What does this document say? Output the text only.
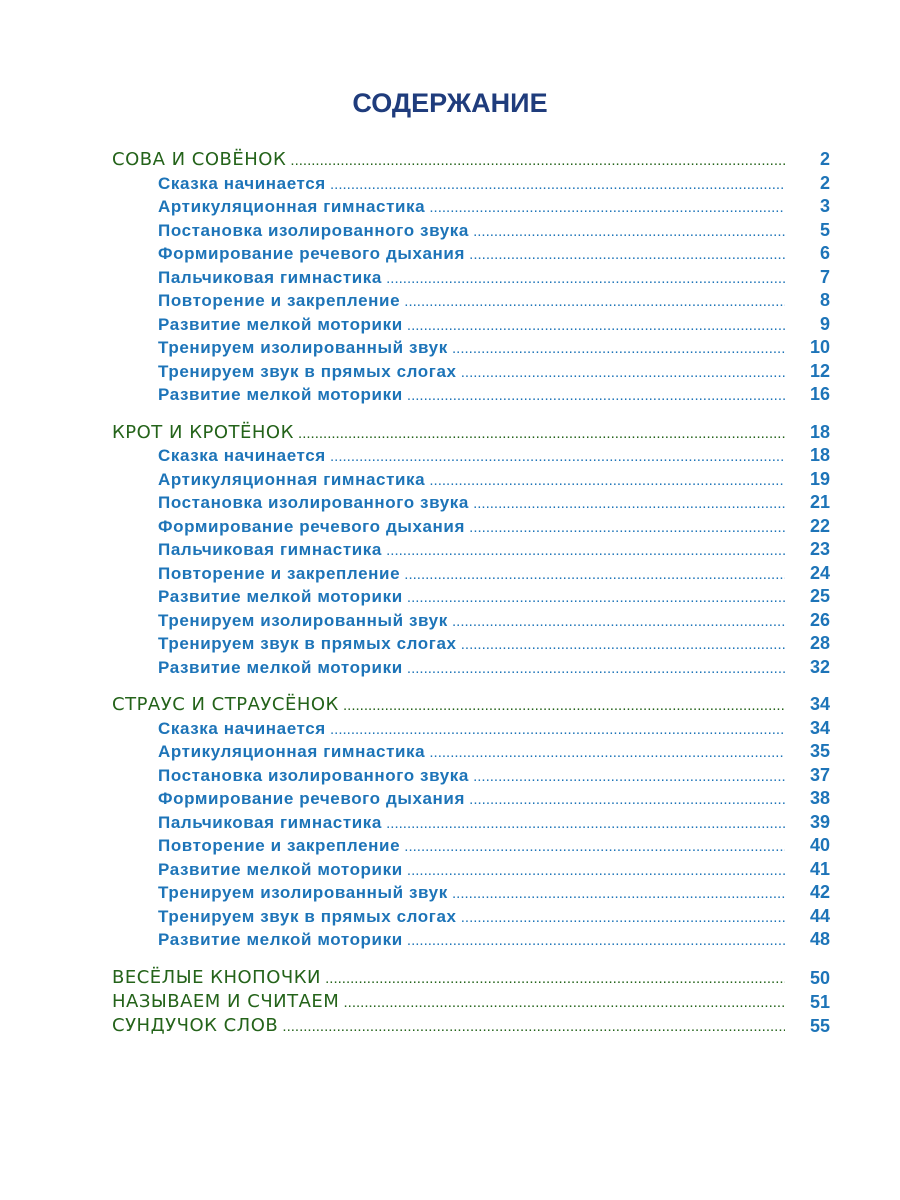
СОДЕРЖАНИЕ
СОВА И СОВЁНОК .....	2
Сказка начинается .....	2
Артикуляционная гимнастика .....	3
Постановка изолированного звука .....	5
Формирование речевого дыхания .....	6
Пальчиковая гимнастика .....	7
Повторение и закрепление .....	8
Развитие мелкой моторики .....	9
Тренируем изолированный звук .....	10
Тренируем звук в прямых слогах .....	12
Развитие мелкой моторики .....	16
КРОТ И КРОТЁНОК .....	18
Сказка начинается .....	18
Артикуляционная гимнастика .....	19
Постановка изолированного звука .....	21
Формирование речевого дыхания .....	22
Пальчиковая гимнастика .....	23
Повторение и закрепление .....	24
Развитие мелкой моторики .....	25
Тренируем изолированный звук .....	26
Тренируем звук в прямых слогах .....	28
Развитие мелкой моторики .....	32
СТРАУС И СТРАУСЁНОК .....	34
Сказка начинается .....	34
Артикуляционная гимнастика .....	35
Постановка изолированного звука .....	37
Формирование речевого дыхания .....	38
Пальчиковая гимнастика .....	39
Повторение и закрепление .....	40
Развитие мелкой моторики .....	41
Тренируем изолированный звук .....	42
Тренируем звук в прямых слогах .....	44
Развитие мелкой моторики .....	48
ВЕСЁЛЫЕ КНОПОЧКИ .....	50
НАЗЫВАЕМ И СЧИТАЕМ .....	51
СУНДУЧОК СЛОВ .....	55
